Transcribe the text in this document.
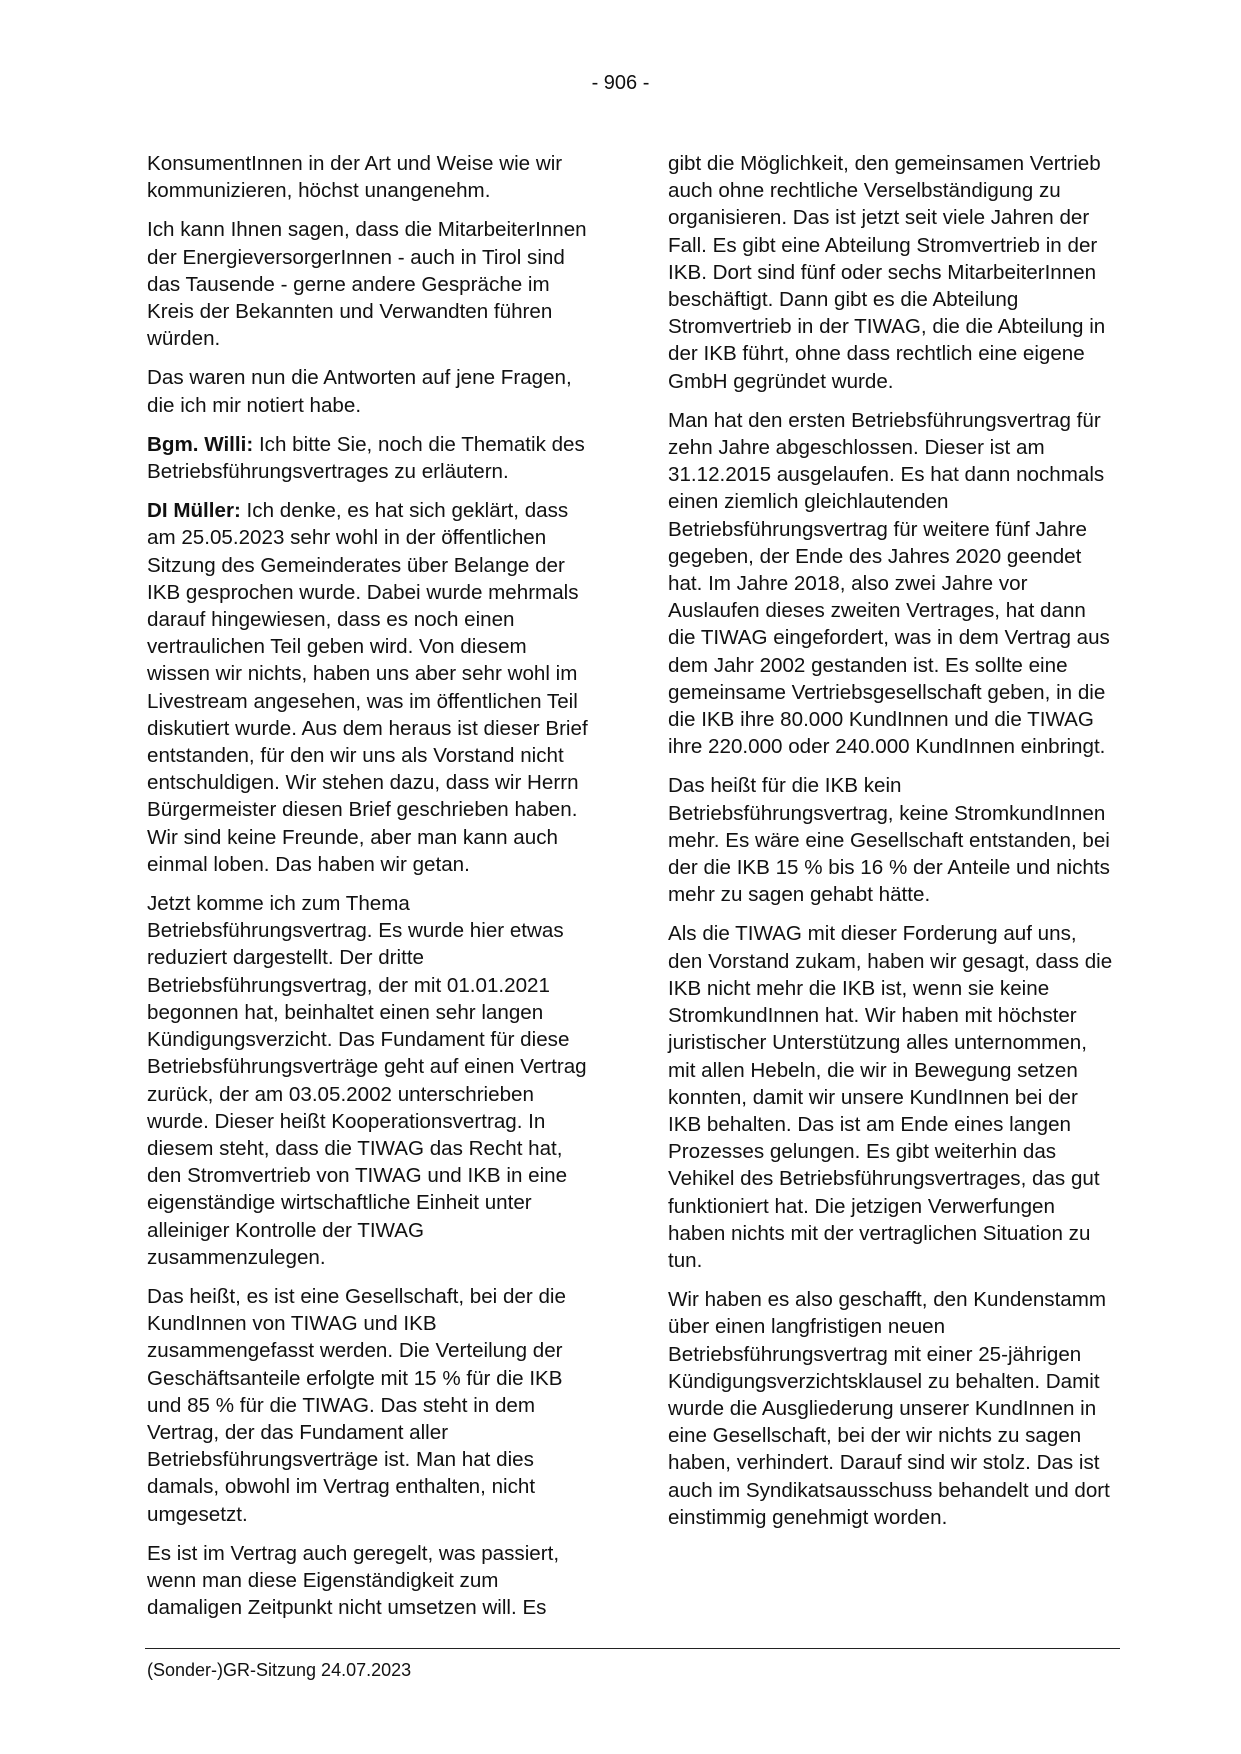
- 906 -

KonsumentInnen in der Art und Weise wie wir kommunizieren, höchst unangenehm.

Ich kann Ihnen sagen, dass die MitarbeiterInnen der EnergieversorgerInnen - auch in Tirol sind das Tausende - gerne andere Gespräche im Kreis der Bekannten und Verwandten führen würden.

Das waren nun die Antworten auf jene Fragen, die ich mir notiert habe.

Bgm. Willi: Ich bitte Sie, noch die Thematik des Betriebsführungsvertrages zu erläutern.

DI Müller: Ich denke, es hat sich geklärt, dass am 25.05.2023 sehr wohl in der öffentlichen Sitzung des Gemeinderates über Belange der IKB gesprochen wurde. Dabei wurde mehrmals darauf hingewiesen, dass es noch einen vertraulichen Teil geben wird. Von diesem wissen wir nichts, haben uns aber sehr wohl im Livestream angesehen, was im öffentlichen Teil diskutiert wurde. Aus dem heraus ist dieser Brief entstanden, für den wir uns als Vorstand nicht entschuldigen. Wir stehen dazu, dass wir Herrn Bürgermeister diesen Brief geschrieben haben. Wir sind keine Freunde, aber man kann auch einmal loben. Das haben wir getan.

Jetzt komme ich zum Thema Betriebsführungsvertrag. Es wurde hier etwas reduziert dargestellt. Der dritte Betriebsführungsvertrag, der mit 01.01.2021 begonnen hat, beinhaltet einen sehr langen Kündigungsverzicht. Das Fundament für diese Betriebsführungsverträge geht auf einen Vertrag zurück, der am 03.05.2002 unterschrieben wurde. Dieser heißt Kooperationsvertrag. In diesem steht, dass die TIWAG das Recht hat, den Stromvertrieb von TIWAG und IKB in eine eigenständige wirtschaftliche Einheit unter alleiniger Kontrolle der TIWAG zusammenzulegen.

Das heißt, es ist eine Gesellschaft, bei der die KundInnen von TIWAG und IKB zusammengefasst werden. Die Verteilung der Geschäftsanteile erfolgte mit 15 % für die IKB und 85 % für die TIWAG. Das steht in dem Vertrag, der das Fundament aller Betriebsführungsverträge ist. Man hat dies damals, obwohl im Vertrag enthalten, nicht umgesetzt.

Es ist im Vertrag auch geregelt, was passiert, wenn man diese Eigenständigkeit zum damaligen Zeitpunkt nicht umsetzen will. Es

gibt die Möglichkeit, den gemeinsamen Vertrieb auch ohne rechtliche Verselbständigung zu organisieren. Das ist jetzt seit viele Jahren der Fall. Es gibt eine Abteilung Stromvertrieb in der IKB. Dort sind fünf oder sechs MitarbeiterInnen beschäftigt. Dann gibt es die Abteilung Stromvertrieb in der TIWAG, die die Abteilung in der IKB führt, ohne dass rechtlich eine eigene GmbH gegründet wurde.

Man hat den ersten Betriebsführungsvertrag für zehn Jahre abgeschlossen. Dieser ist am 31.12.2015 ausgelaufen. Es hat dann nochmals einen ziemlich gleichlautenden Betriebsführungsvertrag für weitere fünf Jahre gegeben, der Ende des Jahres 2020 geendet hat. Im Jahre 2018, also zwei Jahre vor Auslaufen dieses zweiten Vertrages, hat dann die TIWAG eingefordert, was in dem Vertrag aus dem Jahr 2002 gestanden ist. Es sollte eine gemeinsame Vertriebsgesellschaft geben, in die die IKB ihre 80.000 KundInnen und die TIWAG ihre 220.000 oder 240.000 KundInnen einbringt.

Das heißt für die IKB kein Betriebsführungsvertrag, keine StromkundInnen mehr. Es wäre eine Gesellschaft entstanden, bei der die IKB 15 % bis 16 % der Anteile und nichts mehr zu sagen gehabt hätte.

Als die TIWAG mit dieser Forderung auf uns, den Vorstand zukam, haben wir gesagt, dass die IKB nicht mehr die IKB ist, wenn sie keine StromkundInnen hat. Wir haben mit höchster juristischer Unterstützung alles unternommen, mit allen Hebeln, die wir in Bewegung setzen konnten, damit wir unsere KundInnen bei der IKB behalten. Das ist am Ende eines langen Prozesses gelungen. Es gibt weiterhin das Vehikel des Betriebsführungsvertrages, das gut funktioniert hat. Die jetzigen Verwerfungen haben nichts mit der vertraglichen Situation zu tun.

Wir haben es also geschafft, den Kundenstamm über einen langfristigen neuen Betriebsführungsvertrag mit einer 25-jährigen Kündigungsverzichtsklausel zu behalten. Damit wurde die Ausgliederung unserer KundInnen in eine Gesellschaft, bei der wir nichts zu sagen haben, verhindert. Darauf sind wir stolz. Das ist auch im Syndikatsausschuss behandelt und dort einstimmig genehmigt worden.

(Sonder-)GR-Sitzung 24.07.2023
